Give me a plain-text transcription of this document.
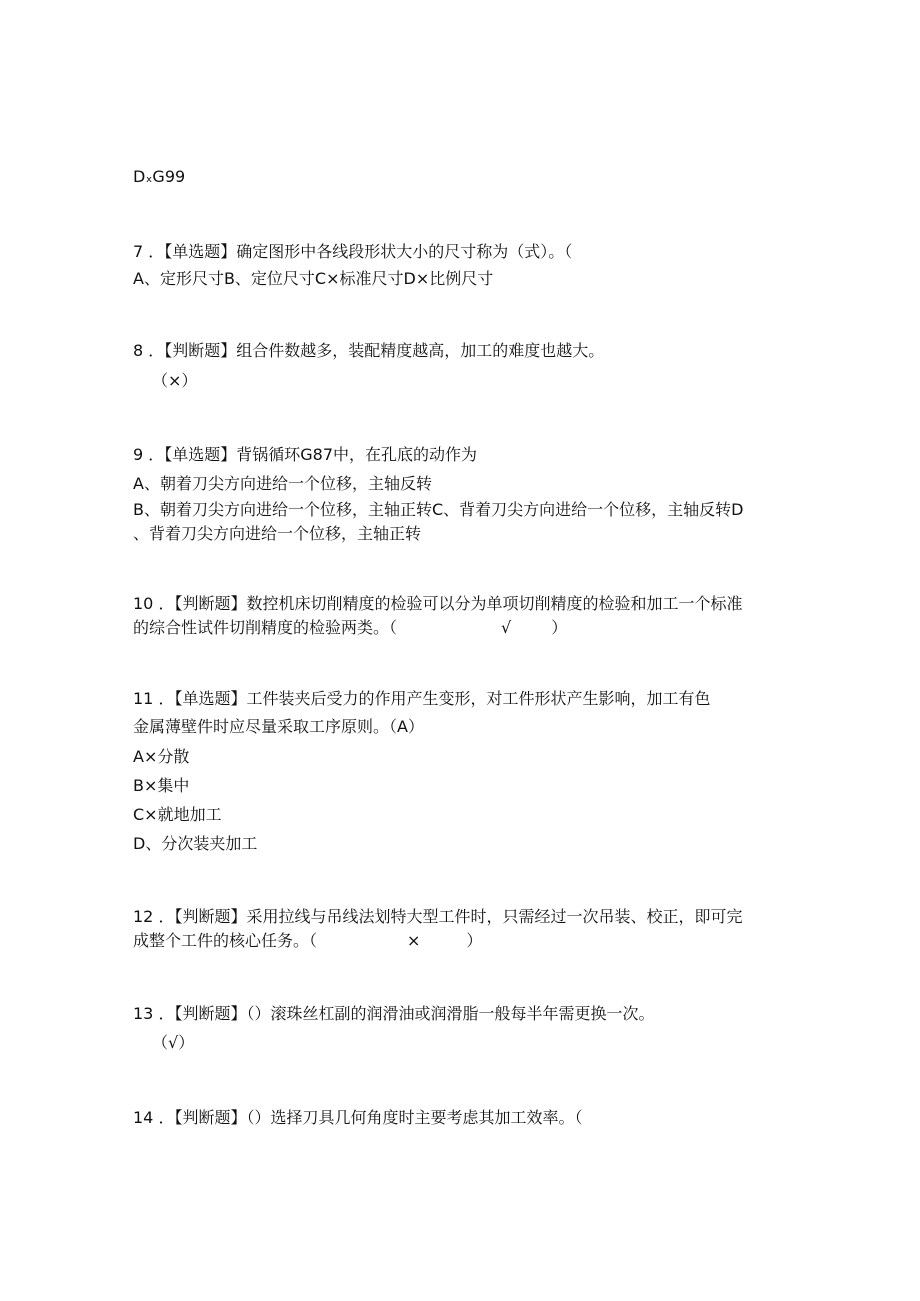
DₓG99

7 ．【单选题】确定图形中各线段形状大小的尺寸称为（式）。（

A、定形尺寸B、定位尺寸C×标准尺寸D×比例尺寸

8 ．【判断题】组合件数越多，装配精度越高，加工的难度也越大。

（×）

9 ．【单选题】背锅循环G87中，在孔底的动作为

A、朝着刀尖方向进给一个位移，主轴反转

B、朝着刀尖方向进给一个位移，主轴正转C、背着刀尖方向进给一个位移，主轴反转D

、背着刀尖方向进给一个位移，主轴正转

10 ．【判断题】数控机床切削精度的检验可以分为单项切削精度的检验和加工一个标准

的综合性试件切削精度的检验两类。（	√	）

11 ．【单选题】工件装夹后受力的作用产生变形，对工件形状产生影响，加工有色

金属薄壁件时应尽量采取工序原则。（A）

A×分散

B×集中

C×就地加工

D、分次装夹加工

12 ．【判断题】采用拉线与吊线法划特大型工件时，只需经过一次吊装、校正，即可完

成整个工件的核心任务。（	×	）

13 ．【判断题】（）滚珠丝杠副的润滑油或润滑脂一般每半年需更换一次。

（√）

14 ．【判断题】（）选择刀具几何角度时主要考虑其加工效率。（
